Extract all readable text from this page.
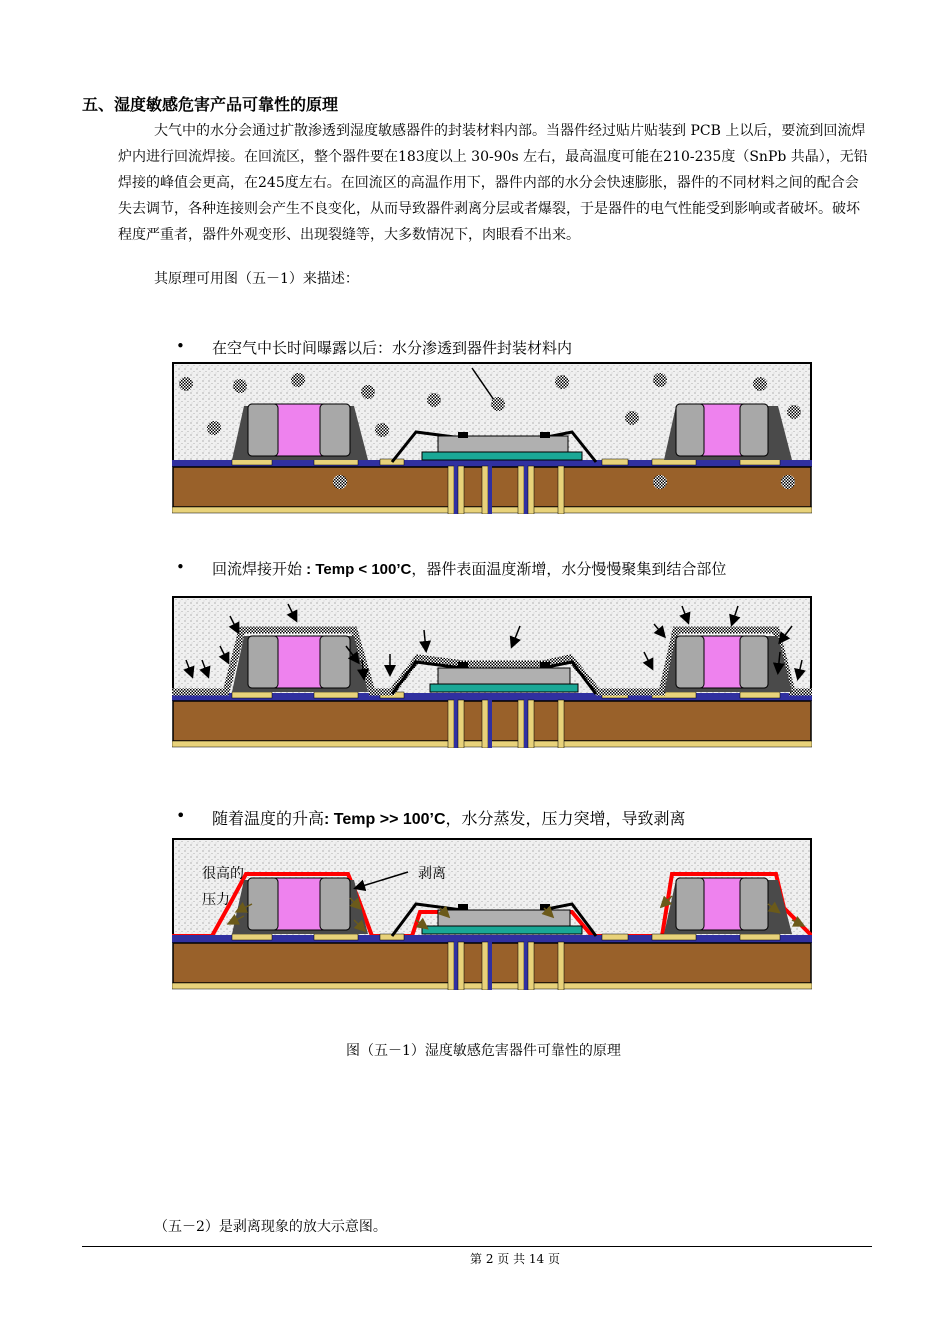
五、湿度敏感危害产品可靠性的原理
大气中的水分会通过扩散渗透到湿度敏感器件的封装材料内部。当器件经过贴片贴装到 PCB 上以后，要流到回流焊炉内进行回流焊接。在回流区，整个器件要在183度以上 30-90s 左右，最高温度可能在210-235度（SnPb 共晶），无铅焊接的峰值会更高，在245度左右。在回流区的高温作用下，器件内部的水分会快速膨胀，器件的不同材料之间的配合会失去调节，各种连接则会产生不良变化，从而导致器件剥离分层或者爆裂，于是器件的电气性能受到影响或者破坏。破坏程度严重者，器件外观变形、出现裂缝等，大多数情况下，肉眼看不出来。
其原理可用图（五－1）来描述：
• 在空气中长时间曝露以后：水分渗透到器件封装材料内
• 回流焊接开始 : Temp < 100’C，器件表面温度渐增，水分慢慢聚集到结合部位
• 随着温度的升高: Temp >> 100’C，水分蒸发，压力突增，导致剥离
很高的
压力
剥离
图（五－1）湿度敏感危害器件可靠性的原理
（五－2）是剥离现象的放大示意图。
第 2 页 共 14 页
